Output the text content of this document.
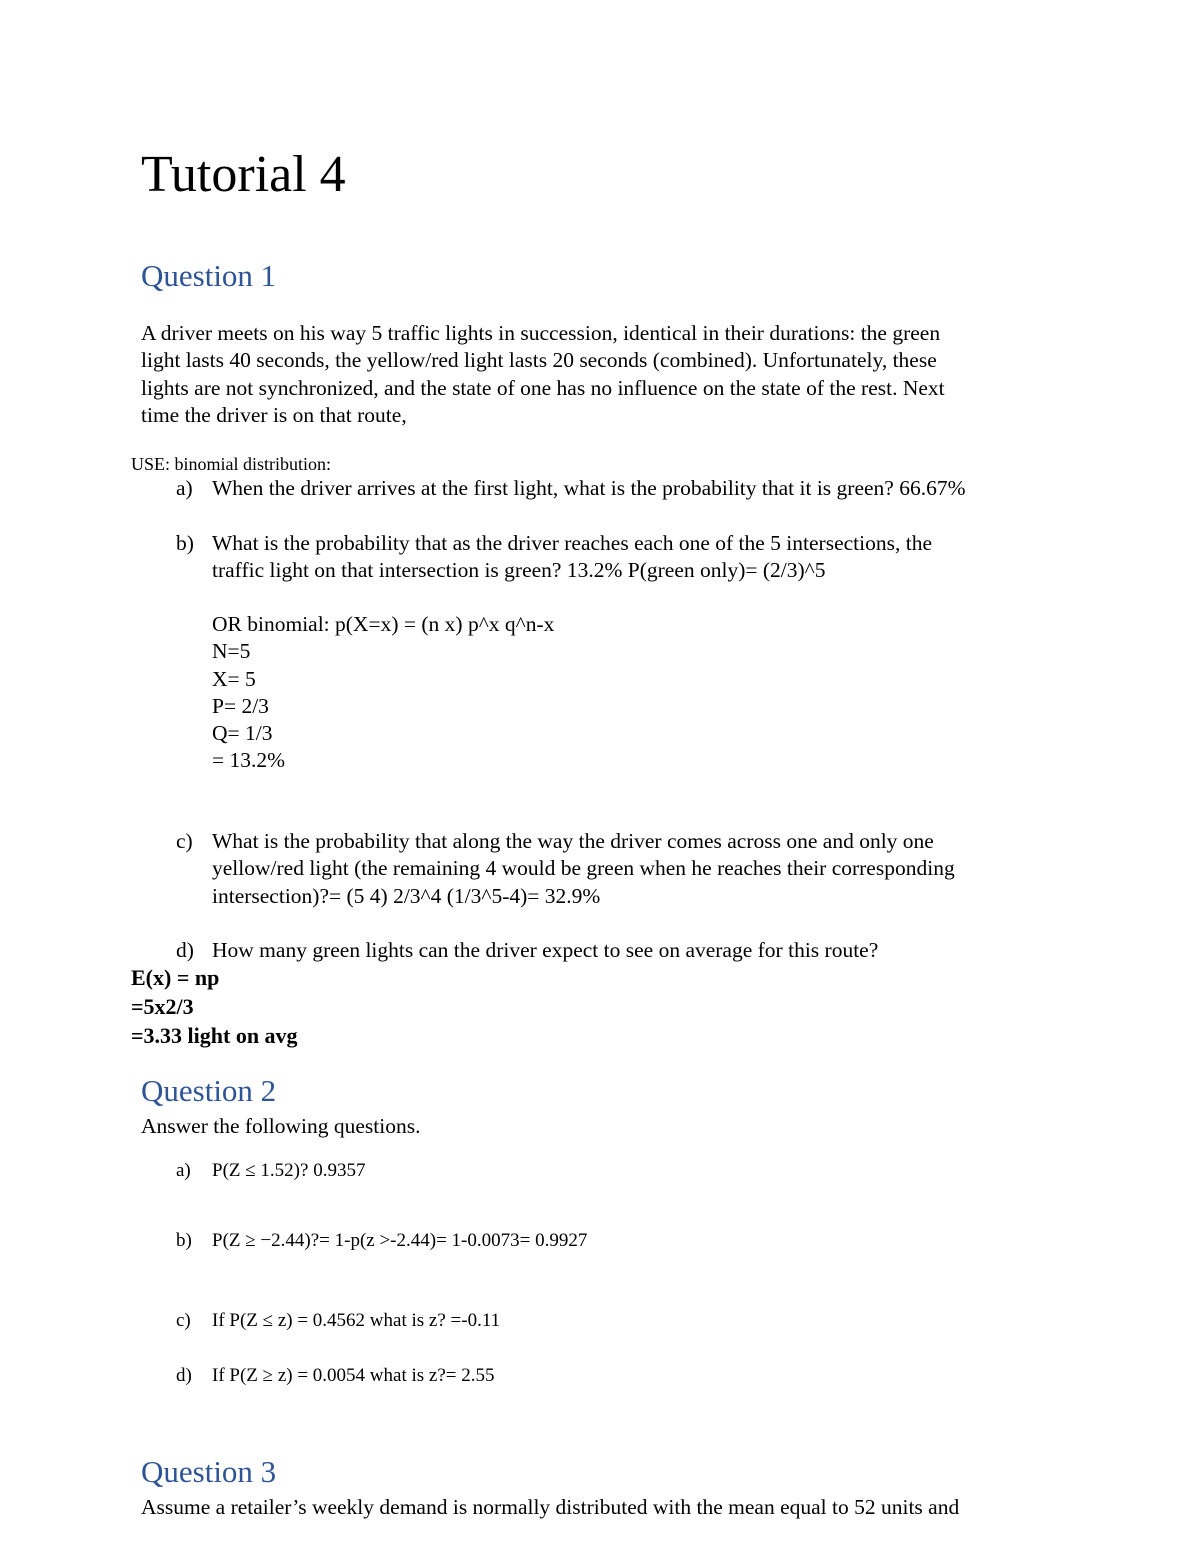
Tutorial 4
Question 1
A driver meets on his way 5 traffic lights in succession, identical in their durations: the green
light lasts 40 seconds, the yellow/red light lasts 20 seconds (combined). Unfortunately, these
lights are not synchronized, and the state of one has no influence on the state of the rest. Next
time the driver is on that route,
USE: binomial distribution:
a) When the driver arrives at the first light, what is the probability that it is green? 66.67%
b) What is the probability that as the driver reaches each one of the 5 intersections, the
traffic light on that intersection is green? 13.2% P(green only)= (2/3)^5
OR binomial: p(X=x) = (n x) p^x q^n-x
N=5
X= 5
P= 2/3
Q= 1/3
= 13.2%
c) What is the probability that along the way the driver comes across one and only one
yellow/red light (the remaining 4 would be green when he reaches their corresponding
intersection)?= (5 4) 2/3^4 (1/3^5-4)= 32.9%
d) How many green lights can the driver expect to see on average for this route?
E(x) = np
=5x2/3
=3.33 light on avg
Question 2
Answer the following questions.
a) P(Z ≤ 1.52)? 0.9357
b) P(Z ≥ −2.44)?= 1-p(z >-2.44)= 1-0.0073= 0.9927
c) If P(Z ≤ z) = 0.4562 what is z? =-0.11
d) If P(Z ≥ z) = 0.0054 what is z?= 2.55
Question 3
Assume a retailer’s weekly demand is normally distributed with the mean equal to 52 units and
